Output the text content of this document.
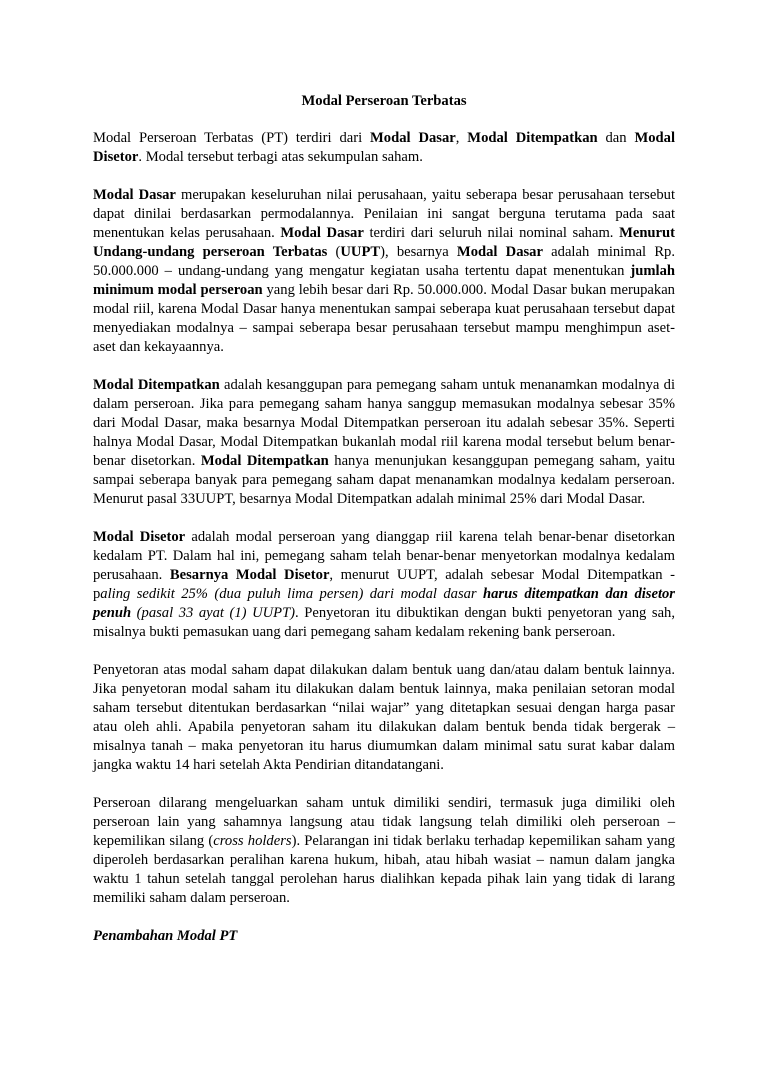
Modal Perseroan Terbatas

Modal Perseroan Terbatas (PT) terdiri dari Modal Dasar, Modal Ditempatkan dan Modal Disetor. Modal tersebut terbagi atas sekumpulan saham.

Modal Dasar merupakan keseluruhan nilai perusahaan, yaitu seberapa besar perusahaan tersebut dapat dinilai berdasarkan permodalannya. Penilaian ini sangat berguna terutama pada saat menentukan kelas perusahaan. Modal Dasar terdiri dari seluruh nilai nominal saham. Menurut Undang-undang perseroan Terbatas (UUPT), besarnya Modal Dasar adalah minimal Rp. 50.000.000 – undang-undang yang mengatur kegiatan usaha tertentu dapat menentukan jumlah minimum modal perseroan yang lebih besar dari Rp. 50.000.000. Modal Dasar bukan merupakan modal riil, karena Modal Dasar hanya menentukan sampai seberapa kuat perusahaan tersebut dapat menyediakan modalnya – sampai seberapa besar perusahaan tersebut mampu menghimpun aset-aset dan kekayaannya.

Modal Ditempatkan adalah kesanggupan para pemegang saham untuk menanamkan modalnya di dalam perseroan. Jika para pemegang saham hanya sanggup memasukan modalnya sebesar 35% dari Modal Dasar, maka besarnya Modal Ditempatkan perseroan itu adalah sebesar 35%. Seperti halnya Modal Dasar, Modal Ditempatkan bukanlah modal riil karena modal tersebut belum benar-benar disetorkan. Modal Ditempatkan hanya menunjukan kesanggupan pemegang saham, yaitu sampai seberapa banyak para pemegang saham dapat menanamkan modalnya kedalam perseroan. Menurut pasal 33UUPT, besarnya Modal Ditempatkan adalah minimal 25% dari Modal Dasar.

Modal Disetor adalah modal perseroan yang dianggap riil karena telah benar-benar disetorkan kedalam PT. Dalam hal ini, pemegang saham telah benar-benar menyetorkan modalnya kedalam perusahaan. Besarnya Modal Disetor, menurut UUPT, adalah sebesar Modal Ditempatkan - paling sedikit 25% (dua puluh lima persen) dari modal dasar harus ditempatkan dan disetor penuh (pasal 33 ayat (1) UUPT). Penyetoran itu dibuktikan dengan bukti penyetoran yang sah, misalnya bukti pemasukan uang dari pemegang saham kedalam rekening bank perseroan.

Penyetoran atas modal saham dapat dilakukan dalam bentuk uang dan/atau dalam bentuk lainnya. Jika penyetoran modal saham itu dilakukan dalam bentuk lainnya, maka penilaian setoran modal saham tersebut ditentukan berdasarkan “nilai wajar” yang ditetapkan sesuai dengan harga pasar atau oleh ahli. Apabila penyetoran saham itu dilakukan dalam bentuk benda tidak bergerak – misalnya tanah – maka penyetoran itu harus diumumkan dalam minimal satu surat kabar dalam jangka waktu 14 hari setelah Akta Pendirian ditandatangani.

Perseroan dilarang mengeluarkan saham untuk dimiliki sendiri, termasuk juga dimiliki oleh perseroan lain yang sahamnya langsung atau tidak langsung telah dimiliki oleh perseroan – kepemilikan silang (cross holders). Pelarangan ini tidak berlaku terhadap kepemilikan saham yang diperoleh berdasarkan peralihan karena hukum, hibah, atau hibah wasiat – namun dalam jangka waktu 1 tahun setelah tanggal perolehan harus dialihkan kepada pihak lain yang tidak di larang memiliki saham dalam perseroan.

Penambahan Modal PT
